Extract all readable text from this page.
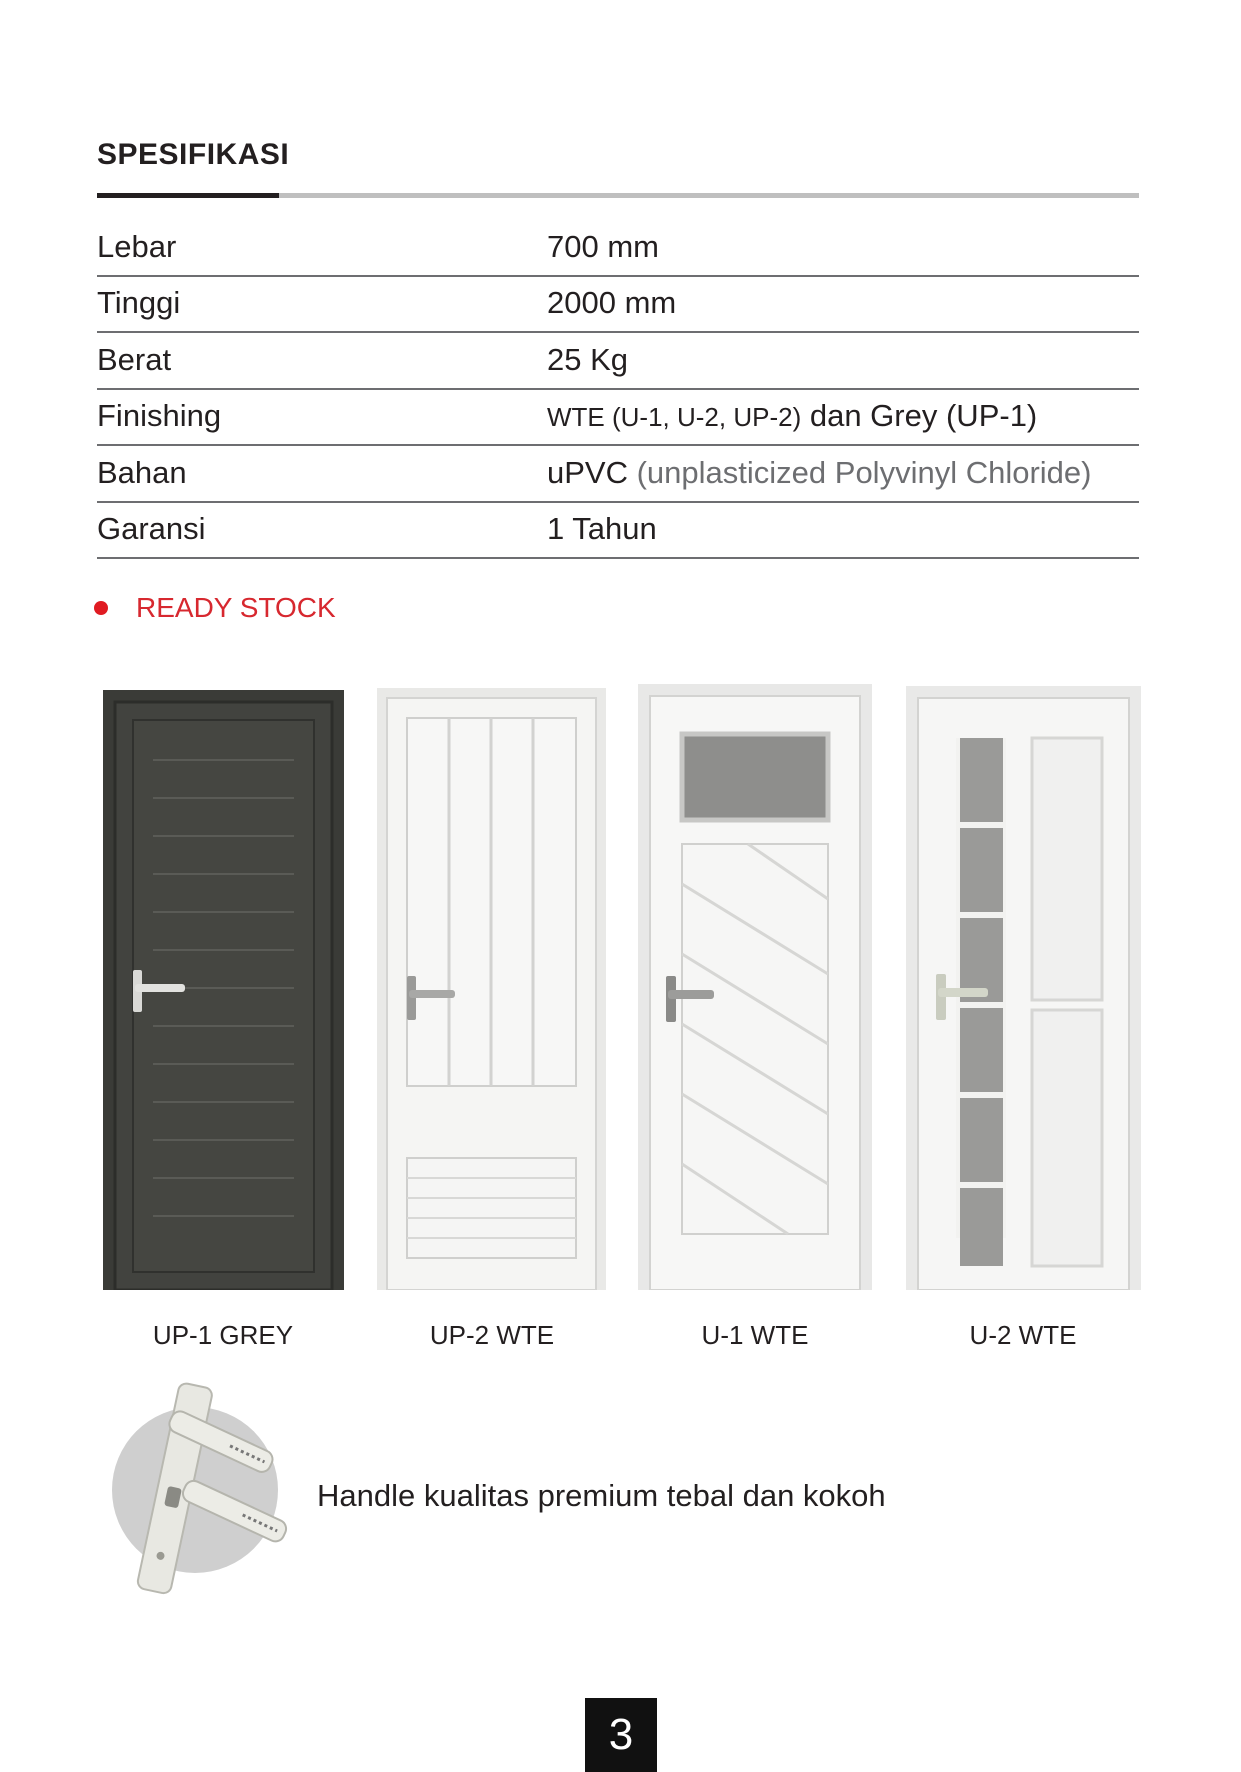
SPESIFIKASI
Lebar	700 mm
Tinggi	2000 mm
Berat	25 Kg
Finishing	WTE (U-1, U-2, UP-2) dan Grey (UP-1)
Bahan	uPVC (unplasticized Polyvinyl Chloride)
Garansi	1 Tahun
READY STOCK
UP-1 GREY	UP-2 WTE	U-1 WTE	U-2 WTE
Handle kualitas premium tebal dan kokoh
3
